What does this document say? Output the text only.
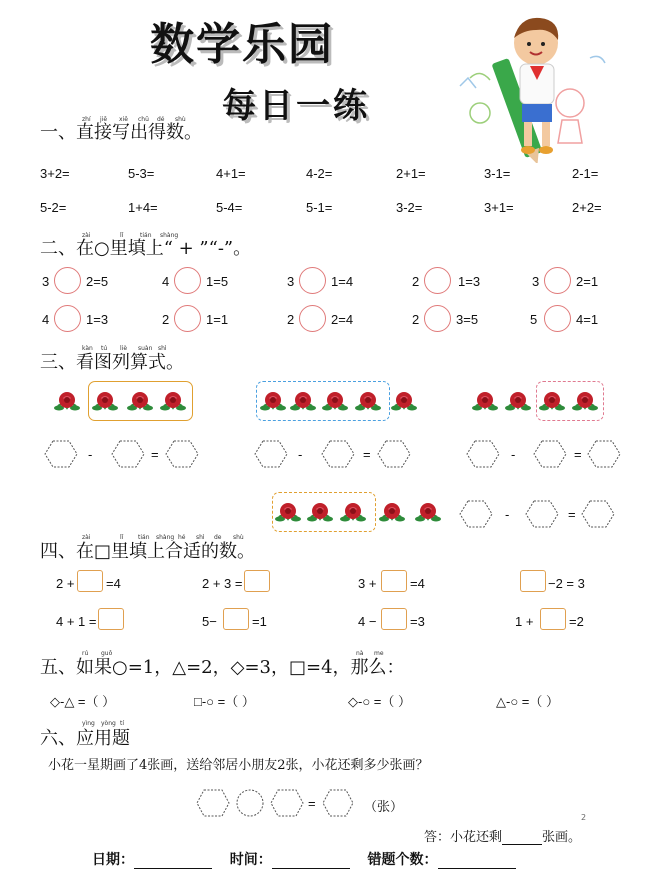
数学乐园
每日一练
一、直接写出得数。
zhí jiē xiě chū dé shù
3+2=	5-3=	4+1=	4-2=	2+1=	3-1=	2-1=
5-2=	1+4=	5-4=	5-1=	3-2=	3+1=	2+2=
二、在○里填上“ + ”“-”。
zài	lǐ	tián shàng
3	2=5	4	1=5	3	1=4	2	1=3	3	2=1
4	1=3	2	1=1	2	2=4	2	3=5	5	4=1
三、看图列算式。
kàn tú liè suàn shì
-	=	-	=	-	=
-	=
四、在□里填上合适的数。
zài	lǐ tián shàng hé shì de shù
2 + =4	2 + 3 =	3 +	=4	−2 = 3
4 + 1 =	5−	=1	4 −	=3	1 +	=2
五、如果○=1，△=2，◇=3，□=4，那么：
rú guǒ	nà me
◇-△ =（ ）	□-○ =（ ）	◇-○ =（ ）	△-○ =（ ）
六、应用题
yìng yòng tí
小花一星期画了4张画，送给邻居小朋友2张，小花还剩多少张画？
=	（张）
2
答：小花还剩	张画。
日期：	时间：	错题个数：
